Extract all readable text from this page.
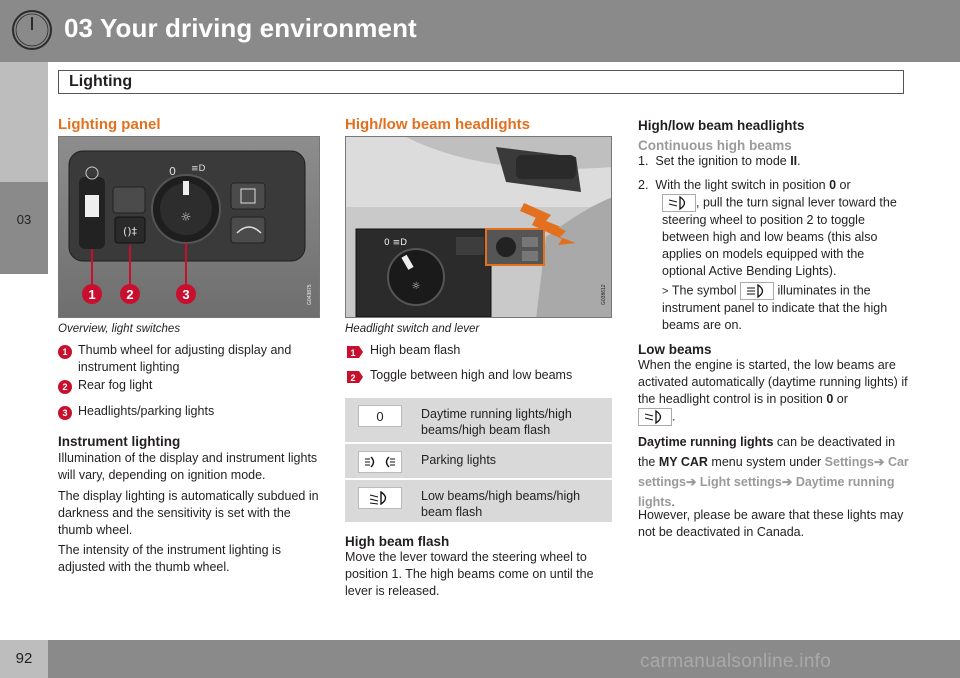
03 Your driving environment
03
Lighting
Lighting panel
()‡
☼
0 ≡D
1 2	3	G043875
Overview, light switches
1 Thumb wheel for adjusting display and instrument lighting
2 Rear fog light
3 Headlights/parking lights
Instrument lighting
Illumination of the display and instrument lights will vary, depending on ignition mode.
The display lighting is automatically subdued in darkness and the sensitivity is set with the thumb wheel.
The intensity of the instrument lighting is adjusted with the thumb wheel.
High/low beam headlights
☼
0 ≡D
G038612
Headlight switch and lever
1 High beam flash
2 Toggle between high and low beams
0	Daytime running lights/high beams/high beam flash
Parking lights
Low beams/high beams/high beam flash
High beam flash
Move the lever toward the steering wheel to position 1. The high beams come on until the lever is released.
High/low beam headlights
Continuous high beams
1. Set the ignition to mode II.
2. With the light switch in position 0 or
, pull the turn signal lever toward the steering wheel to position 2 to toggle between high and low beams (this also applies on models equipped with the optional Active Bending Lights).
> The symbol	illuminates in the instrument panel to indicate that the high beams are on.
Low beams
When the engine is started, the low beams are activated automatically (daytime running lights) if the headlight control is in position 0 or

.
Daytime running lights can be deactivated in the MY CAR menu system under Settings➔ Car settings➔ Light settings➔ Daytime running lights.
However, please be aware that these lights may not be deactivated in Canada.
92	carmanualsonline.info
